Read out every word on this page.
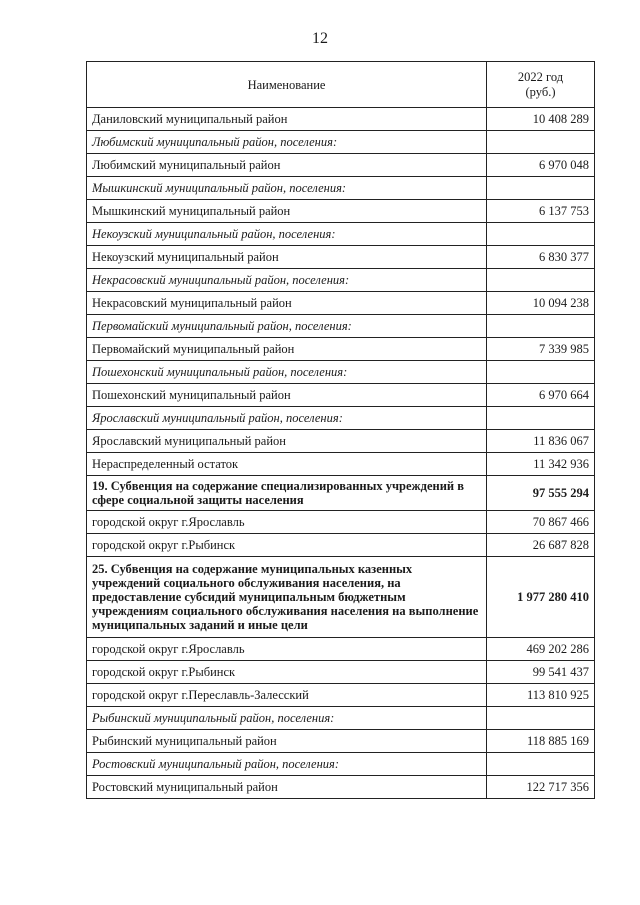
12
Наименование	2022 год
(руб.)

Даниловский муниципальный район	10 408 289
Любимский муниципальный район, поселения:	
Любимский муниципальный район	6 970 048
Мышкинский муниципальный район, поселения:	
Мышкинский муниципальный район	6 137 753
Некоузский муниципальный район, поселения:	
Некоузский муниципальный район	6 830 377
Некрасовский муниципальный район, поселения:	
Некрасовский муниципальный район	10 094 238
Первомайский муниципальный район, поселения:	
Первомайский муниципальный район	7 339 985
Пошехонский муниципальный район, поселения:	
Пошехонский муниципальный район	6 970 664
Ярославский муниципальный район, поселения:	
Ярославский муниципальный район	11 836 067
Нераспределенный остаток	11 342 936
19. Субвенция на содержание специализированных учреждений в сфере социальной защиты населения	97 555 294
городской округ г.Ярославль	70 867 466
городской округ г.Рыбинск	26 687 828
25. Субвенция на содержание муниципальных казенных учреждений социального обслуживания населения, на предоставление субсидий муниципальным бюджетным учреждениям социального обслуживания населения на выполнение муниципальных заданий и иные цели	1 977 280 410
городской округ г.Ярославль	469 202 286
городской округ г.Рыбинск	99 541 437
городской округ г.Переславль-Залесский	113 810 925
Рыбинский муниципальный район, поселения:	
Рыбинский муниципальный район	118 885 169
Ростовский муниципальный район, поселения:	
Ростовский муниципальный район	122 717 356
